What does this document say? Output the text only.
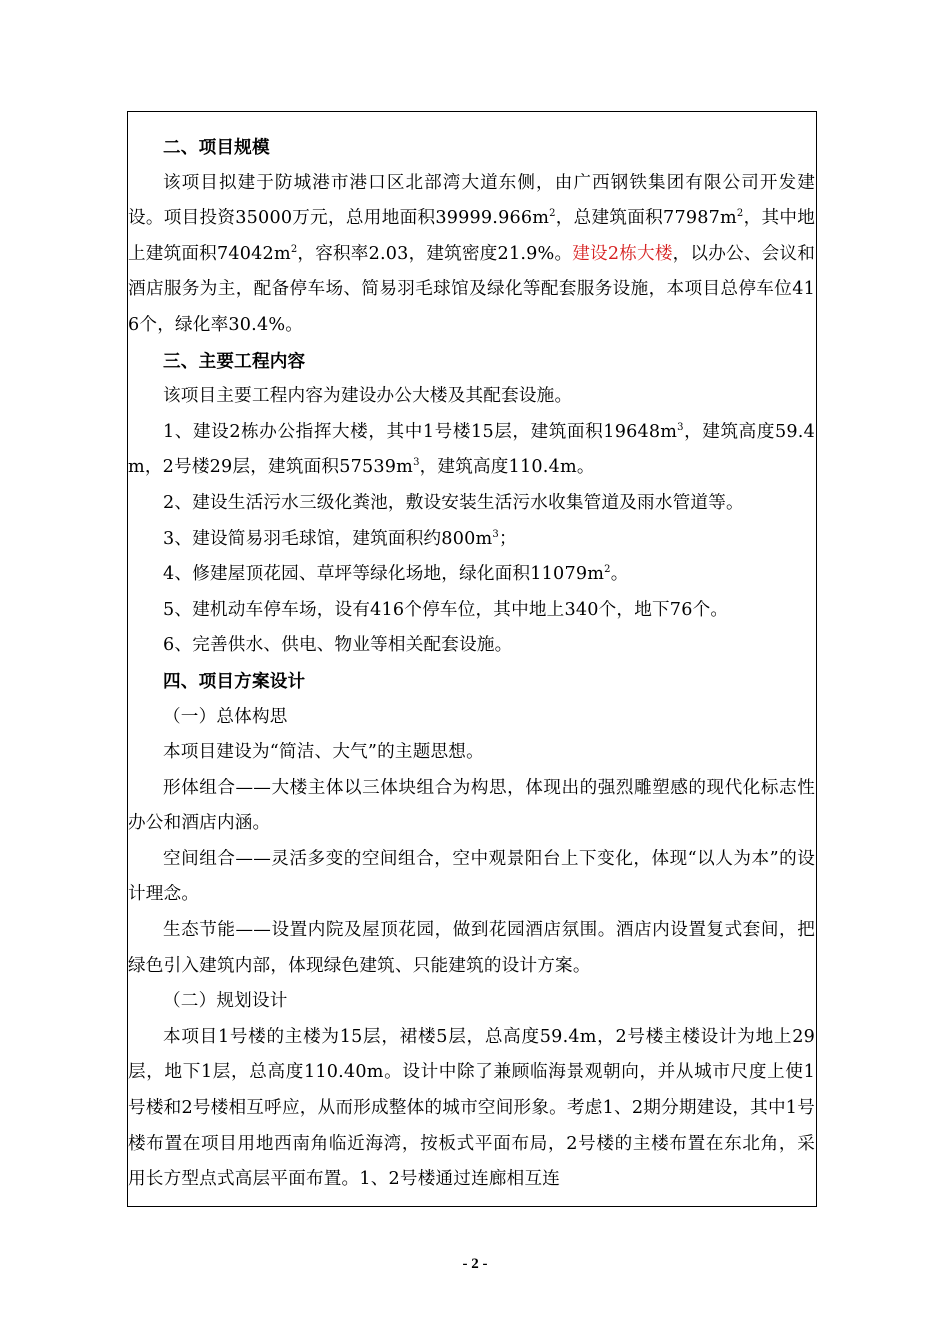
二、项目规模

该项目拟建于防城港市港口区北部湾大道东侧，由广西钢铁集团有限公司开发建设。项目投资35000万元，总用地面积$39999.966m^2$，总建筑面积$77987m^2$，其中地上建筑面积$74042m^2$，容积率2.03，建筑密度21.9%。建设2栋大楼，以办公、会议和酒店服务为主，配备停车场、简易羽毛球馆及绿化等配套服务设施，本项目总停车位416个，绿化率30.4%。

三、主要工程内容

该项目主要工程内容为建设办公大楼及其配套设施。

1、建设2栋办公指挥大楼，其中1号楼15层，建筑面积$19648m^3$，建筑高度59.4m，2号楼29层，建筑面积$57539m^3$，建筑高度110.4m。

2、建设生活污水三级化粪池，敷设安装生活污水收集管道及雨水管道等。

3、建设简易羽毛球馆，建筑面积约$800m^3$；

4、修建屋顶花园、草坪等绿化场地，绿化面积$11079m^2$。

5、建机动车停车场，设有416个停车位，其中地上340个，地下76个。

6、完善供水、供电、物业等相关配套设施。

四、项目方案设计

（一）总体构思

本项目建设为“简洁、大气”的主题思想。

形体组合——大楼主体以三体块组合为构思，体现出的强烈雕塑感的现代化标志性办公和酒店内涵。

空间组合——灵活多变的空间组合，空中观景阳台上下变化，体现“以人为本”的设计理念。

生态节能——设置内院及屋顶花园，做到花园酒店氛围。酒店内设置复式套间，把绿色引入建筑内部，体现绿色建筑、只能建筑的设计方案。

（二）规划设计

本项目1号楼的主楼为15层，裙楼5层，总高度59.4m，2号楼主楼设计为地上29层，地下1层，总高度110.40m。设计中除了兼顾临海景观朝向，并从城市尺度上使1号楼和2号楼相互呼应，从而形成整体的城市空间形象。考虑1、2期分期建设，其中1号楼布置在项目用地西南角临近海湾，按板式平面布局，2号楼的主楼布置在东北角，采用长方型点式高层平面布置。1、2号楼通过连廊相互连

- 2 -
